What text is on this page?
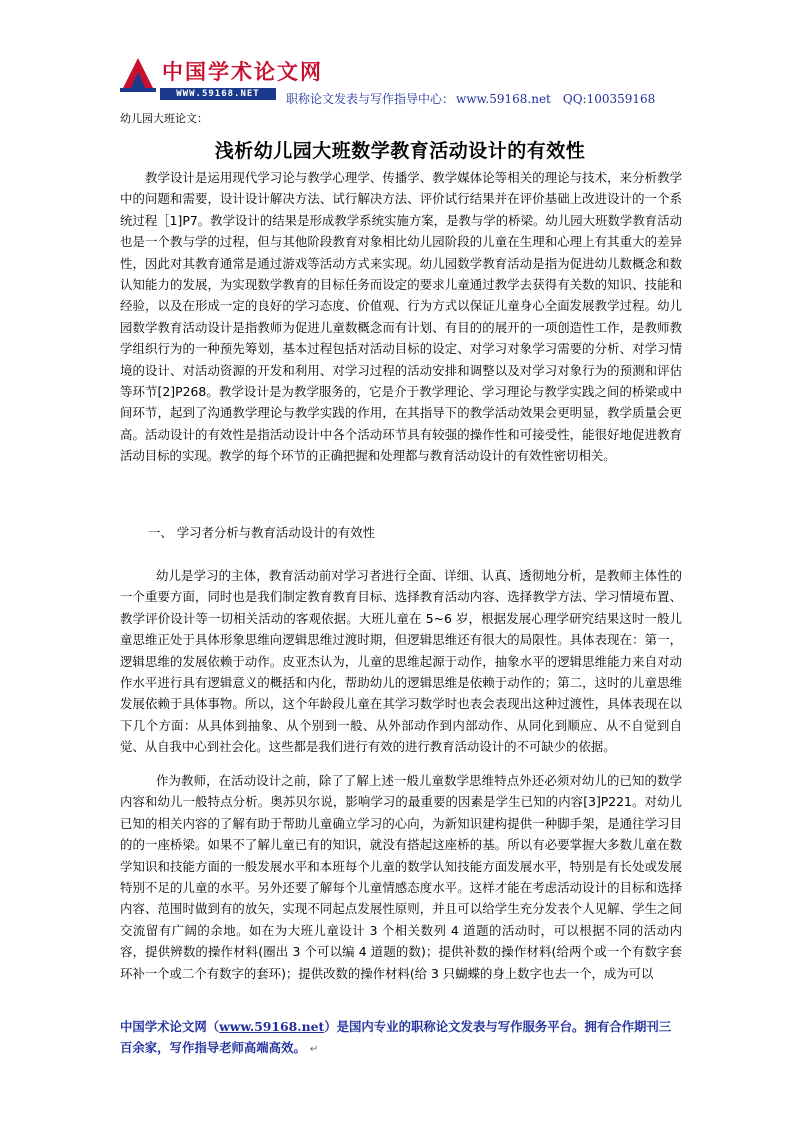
中国学术论文网
WWW.59168.NET	职称论文发表与写作指导中心： www.59168.net QQ:100359168
幼儿园大班论文：
浅析幼儿园大班数学教育活动设计的有效性

教学设计是运用现代学习论与教学心理学、传播学、教学媒体论等相关的理论与技术，来分析教学中的问题和需要，设计设计解决方法、试行解决方法、评价试行结果并在评价基础上改进设计的一个系统过程［1]P7。教学设计的结果是形成教学系统实施方案，是教与学的桥梁。幼儿园大班数学教育活动也是一个教与学的过程，但与其他阶段教育对象相比幼儿园阶段的儿童在生理和心理上有其重大的差异性，因此对其教育通常是通过游戏等活动方式来实现。幼儿园数学教育活动是指为促进幼儿数概念和数认知能力的发展，为实现数学教育的目标任务而设定的要求儿童通过教学去获得有关数的知识、技能和经验，以及在形成一定的良好的学习态度、价值观、行为方式以保证儿童身心全面发展教学过程。幼儿园数学教育活动设计是指教师为促进儿童数概念而有计划、有目的的展开的一项创造性工作，是教师教学组织行为的一种预先筹划，基本过程包括对活动目标的设定、对学习对象学习需要的分析、对学习情境的设计、对活动资源的开发和利用、对学习过程的活动安排和调整以及对学习对象行为的预测和评估等环节[2]P268。教学设计是为教学服务的，它是介于教学理论、学习理论与教学实践之间的桥梁或中间环节，起到了沟通教学理论与教学实践的作用，在其指导下的教学活动效果会更明显，教学质量会更高。活动设计的有效性是指活动设计中各个活动环节具有较强的操作性和可接受性，能很好地促进教育活动目标的实现。教学的每个环节的正确把握和处理都与教育活动设计的有效性密切相关。

一、 学习者分析与教育活动设计的有效性

幼儿是学习的主体，教育活动前对学习者进行全面、详细、认真、透彻地分析，是教师主体性的一个重要方面，同时也是我们制定教育教育目标、选择教育活动内容、选择教学方法、学习情境布置、教学评价设计等一切相关活动的客观依据。大班儿童在 5~6 岁，根据发展心理学研究结果这时一般儿童思维正处于具体形象思维向逻辑思维过渡时期，但逻辑思维还有很大的局限性。具体表现在：第一，逻辑思维的发展依赖于动作。皮亚杰认为，儿童的思维起源于动作，抽象水平的逻辑思维能力来自对动作水平进行具有逻辑意义的概括和内化，帮助幼儿的逻辑思维是依赖于动作的；第二，这时的儿童思维发展依赖于具体事物。所以，这个年龄段儿童在其学习数学时也表会表现出这种过渡性，具体表现在以下几个方面：从具体到抽象、从个别到一般、从外部动作到内部动作、从同化到顺应、从不自觉到自觉、从自我中心到社会化。这些都是我们进行有效的进行教育活动设计的不可缺少的依据。

作为教师，在活动设计之前，除了了解上述一般儿童数学思维特点外还必须对幼儿的已知的数学内容和幼儿一般特点分析。奥苏贝尔说，影响学习的最重要的因素是学生已知的内容[3]P221。对幼儿已知的相关内容的了解有助于帮助儿童确立学习的心向，为新知识建构提供一种脚手架，是通往学习目的的一座桥梁。如果不了解儿童已有的知识，就没有搭起这座桥的基。所以有必要掌握大多数儿童在数学知识和技能方面的一般发展水平和本班每个儿童的数学认知技能方面发展水平，特别是有长处或发展特别不足的儿童的水平。另外还要了解每个儿童情感态度水平。这样才能在考虑活动设计的目标和选择内容、范围时做到有的放矢，实现不同起点发展性原则，并且可以给学生充分发表个人见解、学生之间交流留有广阔的余地。如在为大班儿童设计 3 个相关数列 4 道题的活动时，可以根据不同的活动内容，提供辨数的操作材料(圈出 3 个可以编 4 道题的数)；提供补数的操作材料(给两个或一个有数字套环补一个或二个有数字的套环)；提供改数的操作材料(给 3 只蝴蝶的身上数字也去一个，成为可以

中国学术论文网（www.59168.net）是国内专业的职称论文发表与写作服务平台。拥有合作期刊三百余家，写作指导老师高端高效。 ↵
